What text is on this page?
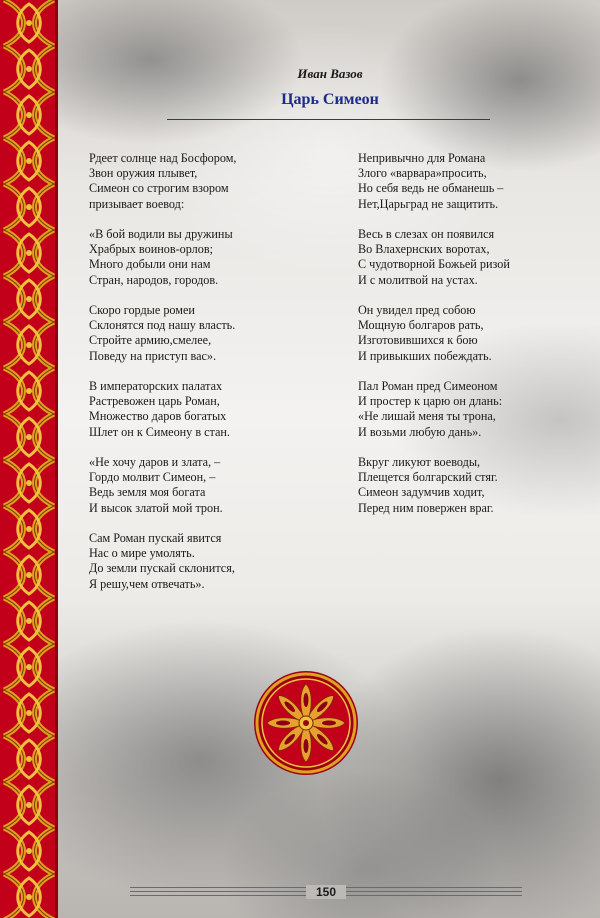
Иван Вазов
Царь Симеон
Рдеет солнце над Босфором,
Звон оружия плывет,
Симеон со строгим взором
призывает воевод:
«В бой водили вы дружины
Храбрых воинов-орлов;
Много добыли они нам
Стран, народов, городов.
Скоро гордые ромеи
Склонятся под нашу власть.
Стройте армию,смелее,
Поведу на приступ вас».
В императорских палатах
Растревожен царь Роман,
Множество даров богатых
Шлет он к Симеону в стан.
«Не хочу даров и злата, –
Гордо молвит Симеон, –
Ведь земля моя богата
И высок златой мой трон.
Сам Роман пускай явится
Нас о мире умолять.
До земли пускай склонится,
Я решу,чем отвечать».
Непривычно для Романа
Злого «варвара»просить,
Но себя ведь не обманешь –
Нет,Царьград не защитить.
Весь в слезах он появился
Во Влахернских воротах,
С чудотворной Божьей ризой
И с молитвой на устах.
Он увидел пред собою
Мощную болгаров рать,
Изготовившихся к бою
И привыкших побеждать.
Пал Роман пред Симеоном
И простер к царю он длань:
«Не лишай меня ты трона,
И возьми любую дань».
Вкруг ликуют воеводы,
Плещется болгарский стяг.
Симеон задумчив ходит,
Перед ним повержен враг.
150
